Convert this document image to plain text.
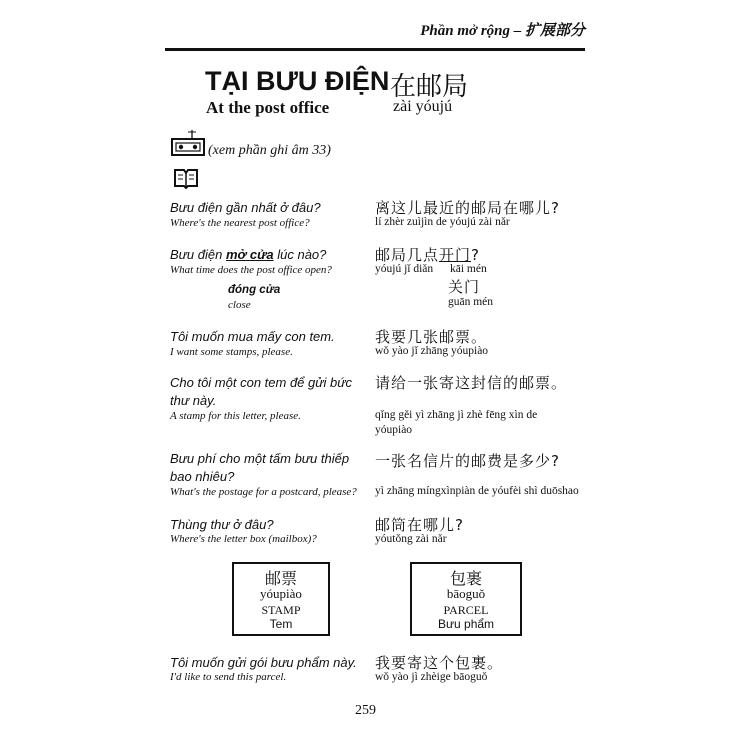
Phần mở rộng – 扩展部分
TẠI BƯU ĐIỆN
At the post office
在邮局
zài yóujú
(xem phần ghi âm 33)
Bưu điện gần nhất ở đâu?
Where's the nearest post office?
离这儿最近的邮局在哪儿?
lí zhèr zuìjìn de yóujú zài nǎr
Bưu điện mở cửa lúc nào?
What time does the post office open?
邮局几点开门?
yóujú jǐ diǎn kāi mén
đóng cửa
close
关门
guān mén
Tôi muốn mua mấy con tem.
I want some stamps, please.
我要几张邮票。
wǒ yào jǐ zhāng yóupiào
Cho tôi một con tem để gửi bức
thư này.
A stamp for this letter, please.
请给一张寄这封信的邮票。
qǐng gěi yì zhāng jì zhè fēng xìn de
yóupiào
Bưu phí cho một tấm bưu thiếp
bao nhiêu?
What's the postage for a postcard, please?
一张名信片的邮费是多少?
yì zhāng míngxìnpiàn de yóufèi shì duōshao
Thùng thư ở đâu?
Where's the letter box (mailbox)?
邮筒在哪儿?
yóutǒng zài nǎr
邮票
yóupiào
STAMP
Tem
包裹
bāoguǒ
PARCEL
Bưu phẩm
Tôi muốn gửi gói bưu phẩm này.
I'd like to send this parcel.
我要寄这个包裹。
wǒ yào jì zhèige bāoguǒ
259
